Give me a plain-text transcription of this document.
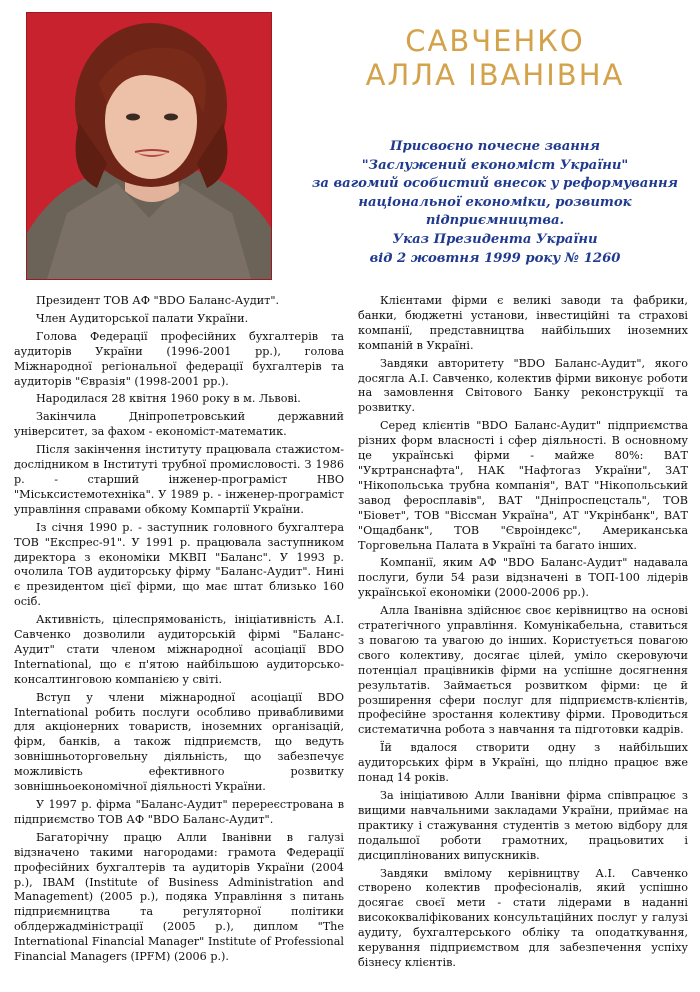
САВЧЕНКО
АЛЛА ІВАНІВНА
Присвоєно почесне звання
"Заслужений економіст України"
за вагомий особистий внесок у реформування
національної економіки, розвиток підприємництва.
Указ Президента України
від 2 жовтня 1999 року № 1260

Президент ТОВ АФ "BDO Баланс-Аудит".

Член Аудиторської палати України.

Голова Федерації професійних бухгалтерів та аудиторів України (1996-2001 рр.), голова Міжнародної регіональної федерації бухгалтерів та аудиторів "Євразія" (1998-2001 рр.).

Народилася 28 квітня 1960 року в м. Львові.

Закінчила Дніпропетровський державний університет, за фахом - економіст-математик.

Після закінчення інституту працювала стажистом-дослідником в Інституті трубної промисловості. З 1986 р. - старший інженер-програміст НВО "Міськсистемотехніка". У 1989 р. - інженер-програміст управління справами обкому Компартії України.

Із січня 1990 р. - заступник головного бухгалтера ТОВ "Експрес-91". У 1991 р. працювала заступником директора з економіки МКВП "Баланс". У 1993 р. очолила ТОВ аудиторську фірму "Баланс-Аудит". Нині є президентом цієї фірми, що має штат близько 160 осіб.

Активність, цілеспрямованість, ініціативність А.І. Савченко дозволили аудиторській фірмі "Баланс-Аудит" стати членом міжнародної асоціації BDO International, що є п'ятою найбільшою аудиторсько-консалтинговою компанією у світі.

Вступ у члени міжнародної асоціації BDO International робить послуги особливо привабливими для акціонерних товариств, іноземних організацій, фірм, банків, а також підприємств, що ведуть зовнішньоторговельну діяльність, що забезпечує можливість ефективного розвитку зовнішньоекономічної діяльності України.

У 1997 р. фірма "Баланс-Аудит" перереєстрована в підприємство ТОВ АФ "BDO Баланс-Аудит".

Багаторічну працю Алли Іванівни в галузі відзначено такими нагородами: грамота Федерації професійних бухгалтерів та аудиторів України (2004 р.), IBAM (Institute of Business Administration and Management) (2005 р.), подяка Управління з питань підприємництва та регуляторної політики облдержадміністрації (2005 р.), диплом "The International Financial Manager" Institute of Professional Financial Managers (IPFM) (2006 р.).

Клієнтами фірми є великі заводи та фабрики, банки, бюджетні установи, інвестиційні та страхові компанії, представництва найбільших іноземних компаній в Україні.

Завдяки авторитету "BDO Баланс-Аудит", якого досягла А.І. Савченко, колектив фірми виконує роботи на замовлення Світового Банку реконструкції та розвитку.

Серед клієнтів "BDO Баланс-Аудит" підприємства різних форм власності і сфер діяльності. В основному це українські фірми - майже 80%: ВАТ "Укртранснафта", НАК "Нафтогаз України", ЗАТ "Нікопольська трубна компанія", ВАТ "Нікопольський завод феросплавів", ВАТ "Дніпроспецсталь", ТОВ "Біовет", ТОВ "Віссман Україна", АТ "Укрінбанк", ВАТ "Ощадбанк", ТОВ "Євроіндекс", Американська Торговельна Палата в Україні та багато інших.

Компанії, яким АФ "BDO Баланс-Аудит" надавала послуги, були 54 рази відзначені в ТОП-100 лідерів української економіки (2000-2006 рр.).

Алла Іванівна здійснює своє керівництво на основі стратегічного управління. Комунікабельна, ставиться з повагою та увагою до інших. Користується повагою свого колективу, досягає цілей, уміло скеровуючи потенціал працівників фірми на успішне досягнення результатів. Займається розвитком фірми: це й розширення сфери послуг для підприємств-клієнтів, професійне зростання колективу фірми. Проводиться систематична робота з навчання та підготовки кадрів.

Їй вдалося створити одну з найбільших аудиторських фірм в Україні, що плідно працює вже понад 14 років.

За ініціативою Алли Іванівни фірма співпрацює з вищими навчальними закладами України, приймає на практику і стажування студентів з метою відбору для подальшої роботи грамотних, працьовитих і дисциплінованих випускників.

Завдяки вмілому керівництву А.І. Савченко створено колектив професіоналів, який успішно досягає своєї мети - стати лідерами в наданні висококваліфікованих консультаційних послуг у галузі аудиту, бухгалтерського обліку та оподаткування, керування підприємством для забезпечення успіху бізнесу клієнтів.
